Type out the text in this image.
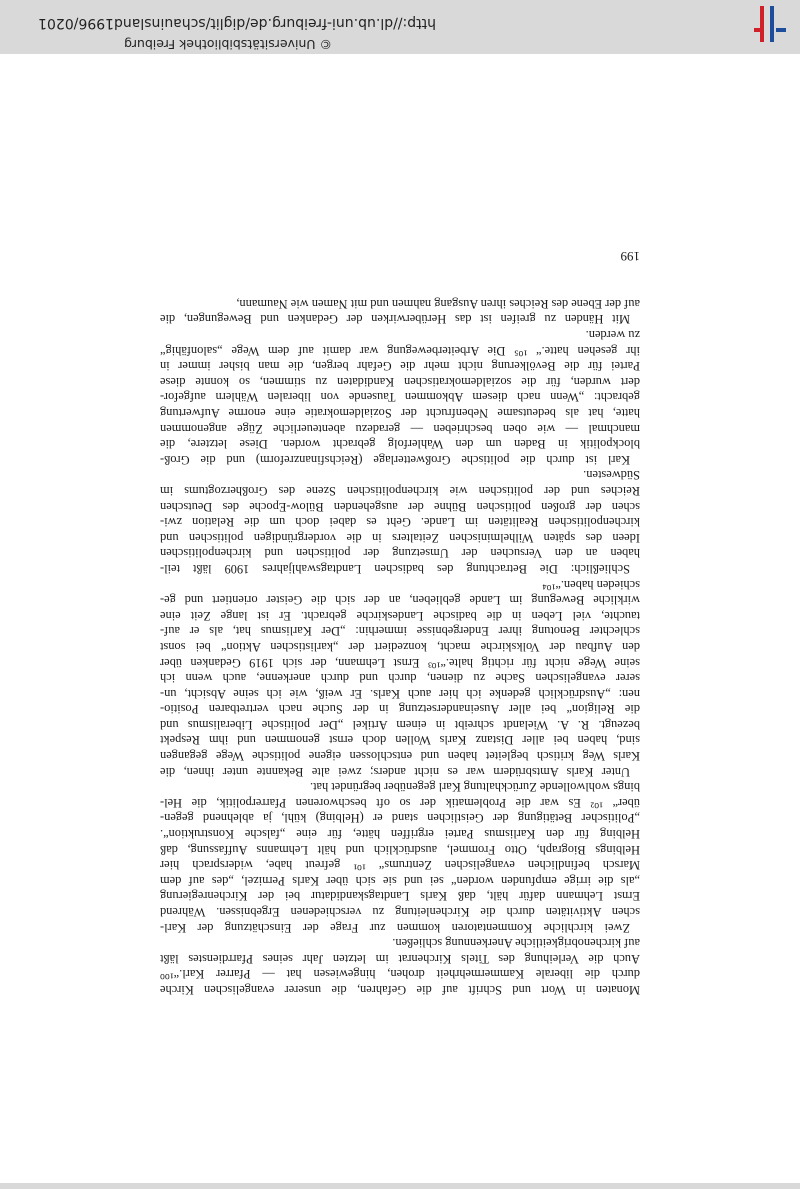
Monaten in Wort und Schrift auf die Gefahren, die unserer evangelischen Kirche
durch die liberale Kammermehrheit drohen, hingewiesen hat — Pfarrer Karl.“¹⁰⁰
Auch die Verleihung des Titels Kirchenrat im letzten Jahr seines Pfarrdienstes läßt
auf kirchenobrigkeitliche Anerkennung schließen.
Zwei kirchliche Kommentatoren kommen zur Frage der Einschätzung der Karl-
schen Aktivitäten durch die Kirchenleitung zu verschiedenen Ergebnissen. Während
Ernst Lehmann dafür hält, daß Karls Landtagskandidatur bei der Kirchenregierung
„als die irrige empfunden worden“ sei und sie sich über Karls Pernizel, „des auf dem
Marsch befindlichen evangelischen Zentrums“ ¹⁰¹ gefreut habe, widersprach hier
Helbings Biograph, Otto Frommel, ausdrücklich und hält Lehmanns Auffassung, daß
Helbing für den Karlismus Partei ergriffen hätte, für eine „falsche Konstruktion“.
„Politischer Betätigung der Geistlichen stand er (Helbing) kühl, ja ablehnend gegen-
über“ ¹⁰² Es war die Problematik der so oft beschworenen Pfarrerpolitik, die Hel-
bings wohlwollende Zurückhaltung Karl gegenüber begründet hat.
Unter Karls Amtsbrüdern war es nicht anders; zwei alte Bekannte unter ihnen, die
Karls Weg kritisch begleitet haben und entschlossen eigene politische Wege gegangen
sind, haben bei aller Distanz Karls Wollen doch ernst genommen und ihm Respekt
bezeugt. R. A. Wielandt schreibt in einem Artikel „Der politische Liberalismus und
die Religion“ bei aller Auseinandersetzung in der Suche nach vertretbaren Positio-
nen: „Ausdrücklich gedenke ich hier auch Karls. Er weiß, wie ich seine Absicht, un-
serer evangelischen Sache zu dienen, durch und durch anerkenne, auch wenn ich
seine Wege nicht für richtig halte.“¹⁰³ Ernst Lehmann, der sich 1919 Gedanken über
den Aufbau der Volkskirche macht, konzediert der „karlistischen Aktion“ bei sonst
schlechter Benotung ihrer Endergebnisse immerhin: „Der Karlismus hat, als er auf-
tauchte, viel Leben in die badische Landeskirche gebracht. Er ist lange Zeit eine
wirkliche Bewegung im Lande geblieben, an der sich die Geister orientiert und ge-
schieden haben.“¹⁰⁴
Schließlich: Die Betrachtung des badischen Landtagswahljahres 1909 läßt teil-
haben an den Versuchen der Umsetzung der politischen und kirchenpolitischen
Ideen des späten Wilhelminischen Zeitalters in die vordergründigen politischen und
kirchenpolitischen Realitäten im Lande. Geht es dabei doch um die Relation zwi-
schen der großen politischen Bühne der ausgehenden Bülow-Epoche des Deutschen
Reiches und der politischen wie kirchenpolitischen Szene des Großherzogtums im
Südwesten.
Karl ist durch die politische Großwetterlage (Reichsfinanzreform) und die Groß-
blockpolitik in Baden um den Wahlerfolg gebracht worden. Diese letztere, die
manchmal — wie oben beschrieben — geradezu abenteuerliche Züge angenommen
hatte, hat als bedeutsame Nebenfrucht der Sozialdemokratie eine enorme Aufwertung
gebracht: „Wenn nach diesem Abkommen Tausende von liberalen Wählern aufgefor-
dert wurden, für die sozialdemokratischen Kandidaten zu stimmen, so konnte diese
Partei für die Bevölkerung nicht mehr die Gefahr bergen, die man bisher immer in
ihr gesehen hatte.“ ¹⁰⁵ Die Arbeiterbewegung war damit auf dem Wege „salonfähig“
zu werden.
Mit Händen zu greifen ist das Herüberwirken der Gedanken und Bewegungen, die
auf der Ebene des Reiches ihren Ausgang nahmen und mit Namen wie Naumann,
199
© Universitätsbibliothek Freiburg
http://dl.ub.uni-freiburg.de/diglit/schauinsland1996/0201
